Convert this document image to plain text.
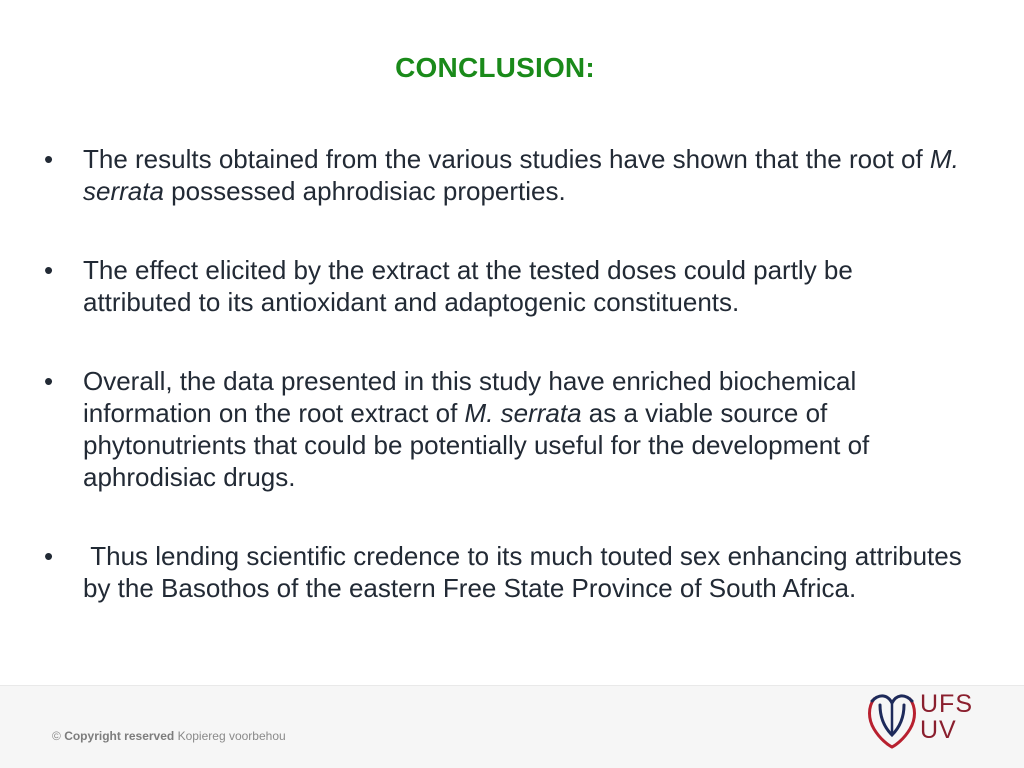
CONCLUSION:
•	The results obtained from the various studies have shown that the root of M. serrata possessed aphrodisiac properties.
•	The effect elicited by the extract at the tested doses could partly be attributed to its antioxidant and adaptogenic constituents.
•	Overall, the data presented in this study have enriched biochemical information on the root extract of M. serrata as a viable source of phytonutrients that could be potentially useful for the development of aphrodisiac drugs.
•	Thus lending scientific credence to its much touted sex enhancing attributes by the Basothos of the eastern Free State Province of South Africa.
© Copyright reserved Kopiereg voorbehou
UFS
UV
